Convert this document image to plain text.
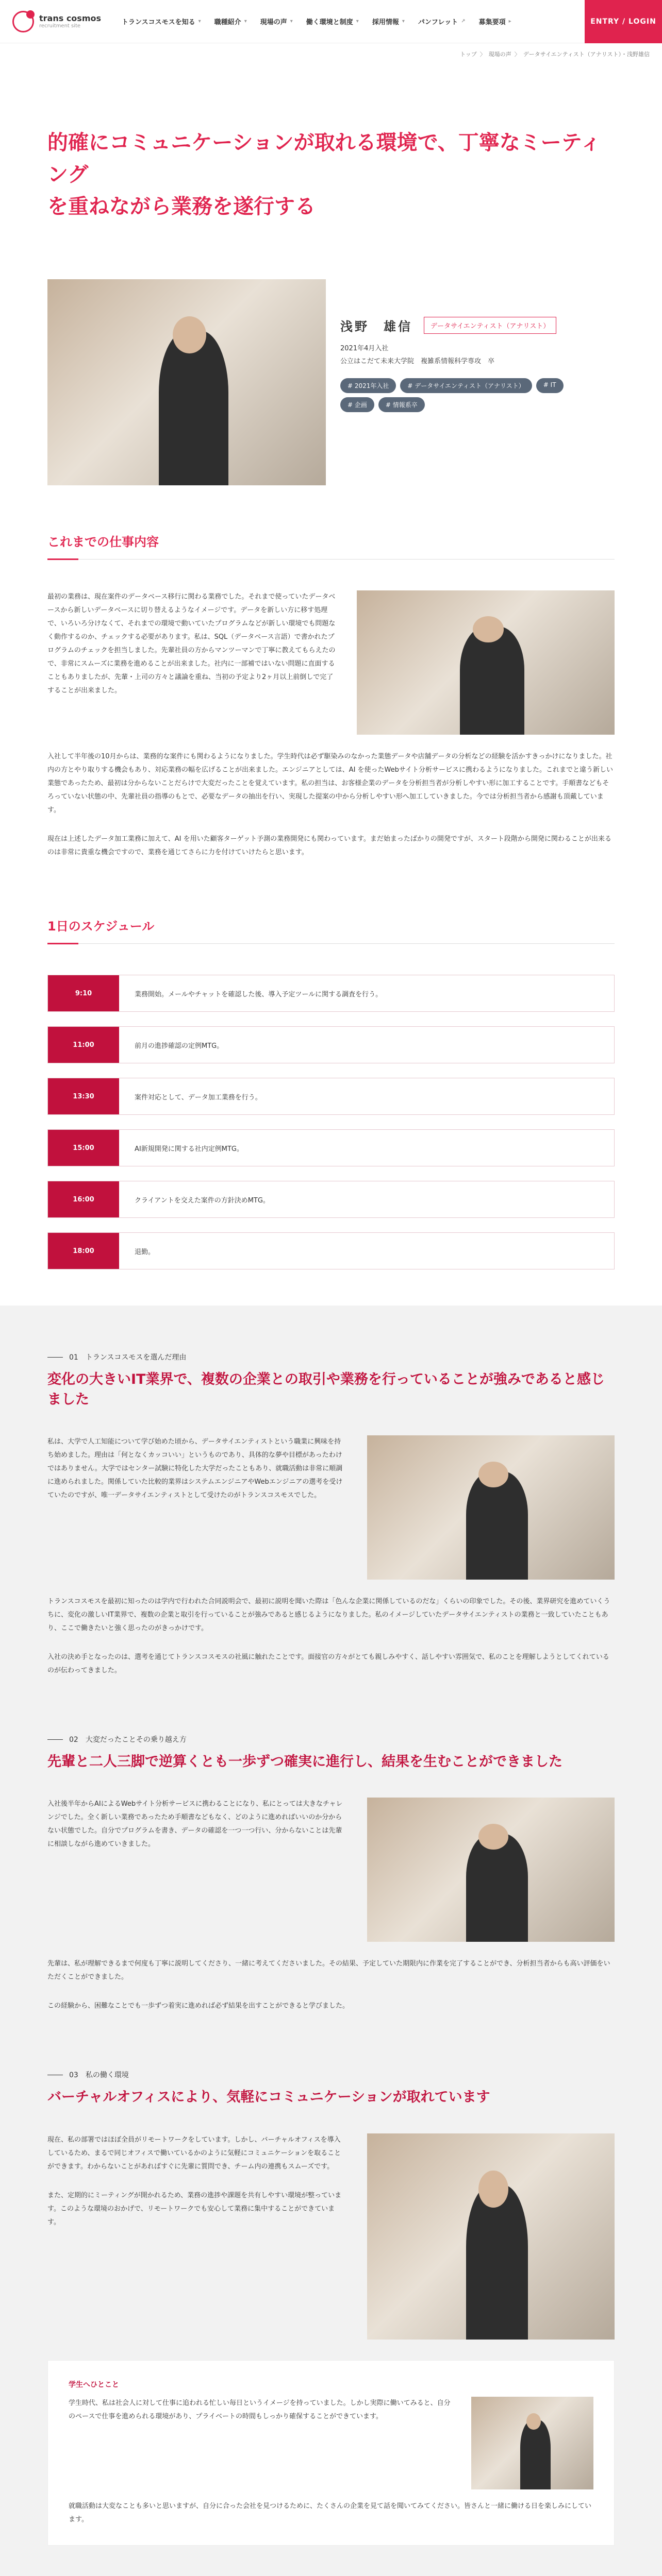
trans cosmos
recruitment site	トランスコスモスを知る ▾ 職種紹介 ▾ 現場の声 ▾ 働く環境と制度 ▾ 採用情報 ▾ パンフレット ↗ 募集要項 ▸	ENTRY / LOGIN
トップ 〉 現場の声 〉 データサイエンティスト（アナリスト）・浅野雄信
的確にコミュニケーションが取れる環境で、丁寧なミーティング
を重ねながら業務を遂行する
浅野　雄信	データサイエンティスト（アナリスト）
2021年4月入社
公立はこだて未来大学院　複雑系情報科学専攻　卒
# 2021年入社	# データサイエンティスト（アナリスト）	# IT
# 企画	# 情報系卒
これまでの仕事内容

最初の業務は、現在案件のデータベース移行に関わる業務でした。それまで使っていたデータベースから新しいデータベースに切り替えるようなイメージです。データを新しい方に移す処理で、いろいろ分けなくて、それまでの環境で動いていたプログラムなどが新しい環境でも問題なく動作するのか、チェックする必要があります。私は、SQL（データベース言語）で書かれたプログラムのチェックを担当しました。先輩社員の方からマンツーマンで丁寧に教えてもらえたので、非常にスムーズに業務を進めることが出来ました。社内に一部補ではいない問題に直面することもありましたが、先輩・上司の方々と議論を重ね、当初の予定より2ヶ月以上前倒しで完了することが出来ました。

入社して半年後の10月からは、業務的な案件にも関わるようになりました。学生時代は必ず駆染みのなかった業態データや店舗データの分析などの経験を活かすきっかけになりました。社内の方とやり取りする機会もあり、対応業務の幅を広げることが出来ました。エンジニアとしては、AI を使ったWebサイト分析サービスに携わるようになりました。これまでと違う新しい業態であったため、最初は分からないことだらけで大変だったことを覚えています。私の担当は、お客様企業のデータを分析担当者が分析しやすい形に加工することです。手順書などもそろっていない状態の中、先輩社員の指導のもとで、必要なデータの抽出を行い、実現した提案の中から分析しやすい形へ加工していきました。今では分析担当者から感謝も頂戴しています。

現在は上述したデータ加工業務に加えて、AI を用いた顧客ターゲット予測の業務開発にも関わっています。まだ始まったばかりの開発ですが、スタート段階から開発に関わることが出来るのは非常に貴重な機会ですので、業務を通じてさらに力を付けていけたらと思います。

1日のスケジュール
9:10	業務開始。メールやチャットを確認した後、導入予定ツールに関する調査を行う。
11:00	前月の進捗確認の定例MTG。
13:30	案件対応として、データ加工業務を行う。
15:00	AI新規開発に関する社内定例MTG。
16:00	クライアントを交えた案件の方針決めMTG。
18:00	退勤。
01　トランスコスモスを選んだ理由
変化の大きいIT業界で、複数の企業との取引や業務を行っていることが強みであると感じました

私は、大学で人工知能について学び始めた頃から、データサイエンティストという職業に興味を持ち始めました。理由は「何となくカッコいい」というものであり、具体的な夢や目標があったわけではありません。大学ではセンター試験に特化した大学だったこともあり、就職活動は非常に順調に進められました。関係していた比較的業界はシステムエンジニアやWebエンジニアの選考を受けていたのですが、唯一データサイエンティストとして受けたのがトランスコスモスでした。

トランスコスモスを最初に知ったのは学内で行われた合同説明会で、最初に説明を聞いた際は「色んな企業に関係しているのだな」くらいの印象でした。その後、業界研究を進めていくうちに、変化の激しいIT業界で、複数の企業と取引を行っていることが強みであると感じるようになりました。私のイメージしていたデータサイエンティストの業務と一致していたこともあり、ここで働きたいと強く思ったのがきっかけです。

入社の決め手となったのは、選考を通じてトランスコスモスの社風に触れたことです。面接官の方々がとても親しみやすく、話しやすい雰囲気で、私のことを理解しようとしてくれているのが伝わってきました。

02　大変だったことその乗り越え方
先輩と二人三脚で逆算くとも一歩ずつ確実に進行し、結果を生むことができました

入社後半年からAIによるWebサイト分析サービスに携わることになり、私にとっては大きなチャレンジでした。全く新しい業務であったため手順書などもなく、どのように進めればいいのか分からない状態でした。自分でプログラムを書き、データの確認を一つ一つ行い、分からないことは先輩に相談しながら進めていきました。

先輩は、私が理解できるまで何度も丁寧に説明してくださり、一緒に考えてくださいました。その結果、予定していた期限内に作業を完了することができ、分析担当者からも高い評価をいただくことができました。

この経験から、困難なことでも一歩ずつ着実に進めれば必ず結果を出すことができると学びました。

03　私の働く環境
バーチャルオフィスにより、気軽にコミュニケーションが取れています

現在、私の部署ではほぼ全員がリモートワークをしています。しかし、バーチャルオフィスを導入しているため、まるで同じオフィスで働いているかのように気軽にコミュニケーションを取ることができます。わからないことがあればすぐに先輩に質問でき、チーム内の連携もスムーズです。

また、定期的にミーティングが開かれるため、業務の進捗や課題を共有しやすい環境が整っています。このような環境のおかげで、リモートワークでも安心して業務に集中することができています。

学生へひとこと

学生時代、私は社会人に対して仕事に追われる忙しい毎日というイメージを持っていました。しかし実際に働いてみると、自分のペースで仕事を進められる環境があり、プライベートの時間もしっかり確保することができています。

就職活動は大変なことも多いと思いますが、自分に合った会社を見つけるために、たくさんの企業を見て話を聞いてみてください。皆さんと一緒に働ける日を楽しみにしています。
